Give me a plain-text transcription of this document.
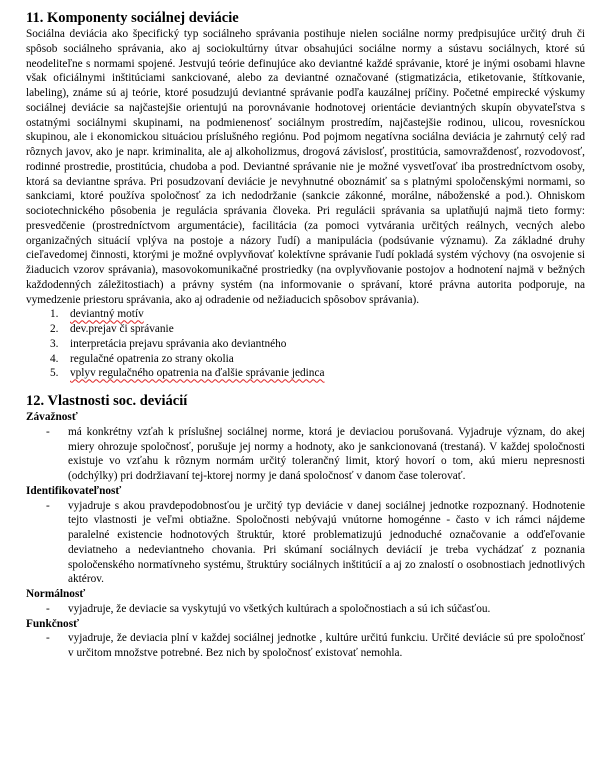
11. Komponenty sociálnej deviácie

Sociálna deviácia ako špecifický typ sociálneho správania postihuje nielen sociálne normy predpisujúce určitý druh či spôsob sociálneho správania, ako aj sociokultúrny útvar obsahujúci sociálne normy a sústavu sociálnych, ktoré sú neodeliteľne s normami spojené. Jestvujú teórie definujúce ako deviantné každé správanie, ktoré je inými osobami hlavne však oficiálnymi inštitúciami sankciované, alebo za deviantné označované (stigmatizácia, etiketovanie, štítkovanie, labeling), známe sú aj teórie, ktoré posudzujú deviantné správanie podľa kauzálnej príčiny. Početné empirecké výskumy sociálnej deviácie sa najčastejšie orientujú na porovnávanie hodnotovej orientácie deviantných skupín obyvateľstva s ostatnými sociálnymi skupinami, na podmienenosť sociálnym prostredím, najčastejšie rodinou, ulicou, rovesníckou skupinou, ale i ekonomickou situáciou príslušného regiónu. Pod pojmom negatívna sociálna deviácia je zahrnutý celý rad rôznych javov, ako je napr. kriminalita, ale aj alkoholizmus, drogová závislosť, prostitúcia, samovraždenosť, rozvodovosť, rodinné prostredie, prostitúcia, chudoba a pod. Deviantné správanie nie je možné vysvetľovať iba prostredníctvom osoby, ktorá sa deviantne správa. Pri posudzovaní deviácie je nevyhnutné oboznámiť sa s platnými spoločenskými normami, so sankciami, ktoré používa spoločnosť za ich nedodržanie (sankcie zákonné, morálne, náboženské a pod.). Ohniskom sociotechnického pôsobenia je regulácia správania človeka. Pri regulácii správania sa uplatňujú najmä tieto formy: presvedčenie (prostredníctvom argumentácie), facilitácia (za pomoci vytvárania určitých reálnych, vecných alebo organizačných situácií vplýva na postoje a názory ľudí) a manipulácia (podsúvanie významu). Za základné druhy cieľavedomej činnosti, ktorými je možné ovplyvňovať kolektívne správanie ľudí pokladá systém výchovy (na osvojenie si žiaducich vzorov správania), masovokomunikačné prostriedky (na ovplyvňovanie postojov a hodnotení najmä v bežných každodenných záležitostiach) a právny systém (na informovanie o správaní, ktoré právna autorita podporuje, na vymedzenie priestoru správania, ako aj odradenie od nežiaducich spôsobov správania).

1. deviantný motív
2. dev.prejav či správanie
3. interpretácia prejavu správania ako deviantného
4. regulačné opatrenia zo strany okolia
5. vplyv regulačného opatrenia na ďalšie správanie jedinca
12. Vlastnosti soc. deviácií
Závažnosť

- má konkrétny vzťah k príslušnej sociálnej norme, ktorá je deviaciou porušovaná. Vyjadruje význam, do akej miery ohrozuje spoločnosť, porušuje jej normy a hodnoty, ako je sankcionovaná (trestaná). V každej spoločnosti existuje vo vzťahu k rôznym normám určitý tolerančný limit, ktorý hovorí o tom, akú mieru nepresnosti (odchýlky) pri dodržiavaní tej-ktorej normy je daná spoločnosť v danom čase tolerovať.

Identifikovateľnosť

- vyjadruje s akou pravdepodobnosťou je určitý typ deviácie v danej sociálnej jednotke rozpoznaný. Hodnotenie tejto vlastnosti je veľmi obtiažne. Spoločnosti nebývajú vnútorne homogénne - často v ich rámci nájdeme paralelné existencie hodnotových štruktúr, ktoré problematizujú jednoduché označovanie a odďeľovanie deviatneho a nedeviantneho chovania. Pri skúmaní sociálnych deviácií je treba vychádzať z poznania spoločenského normatívneho systému, štruktúry sociálnych inštitúcií a aj zo znalostí o osobnostiach jednotlivých aktérov.

Normálnosť

- vyjadruje, že deviacie sa vyskytujú vo všetkých kultúrach a spoločnostiach a sú ich súčasťou.

Funkčnosť

- vyjadruje, že deviacia plní v každej sociálnej jednotke , kultúre určitú funkciu. Určité deviácie sú pre spoločnosť v určitom množstve potrebné. Bez nich by spoločnosť existovať nemohla.
